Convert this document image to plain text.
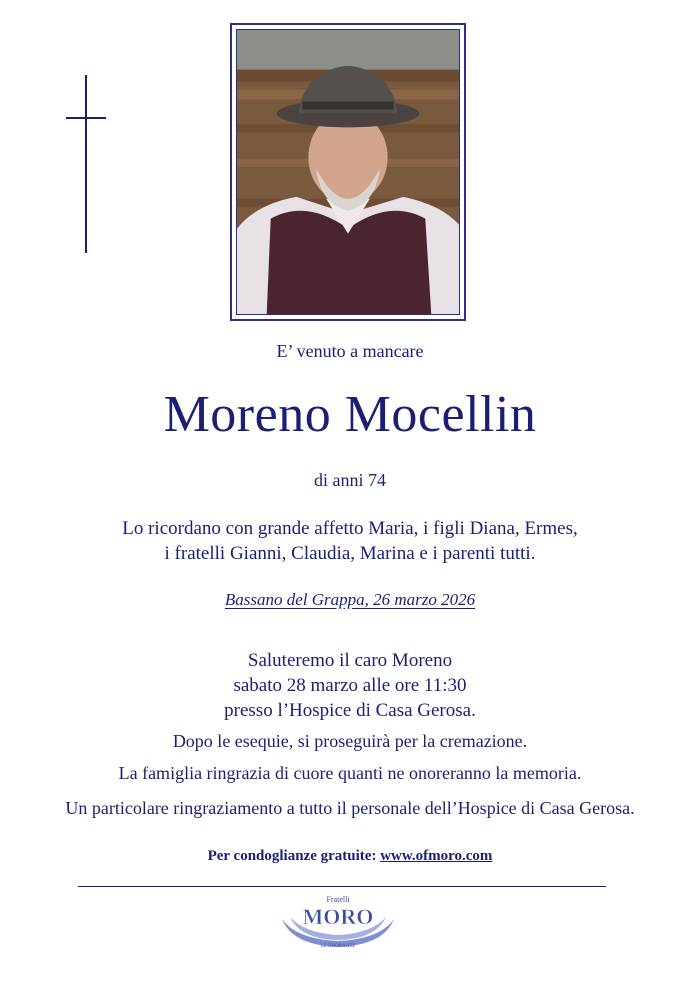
E’ venuto a mancare
Moreno Mocellin
di anni 74
Lo ricordano con grande affetto Maria, i figli Diana, Ermes,
i fratelli Gianni, Claudia, Marina e i parenti tutti.
Bassano del Grappa, 26 marzo 2026
Saluteremo il caro Moreno
sabato 28 marzo alle ore 11:30
presso l’Hospice di Casa Gerosa.
Dopo le esequie, si proseguirà per la cremazione.
La famiglia ringrazia di cuore quanti ne onoreranno la memoria.
Un particolare ringraziamento a tutto il personale dell’Hospice di Casa Gerosa.
Per condoglianze gratuite: www.ofmoro.com
Fratelli
MORO
LE ONORANZE
